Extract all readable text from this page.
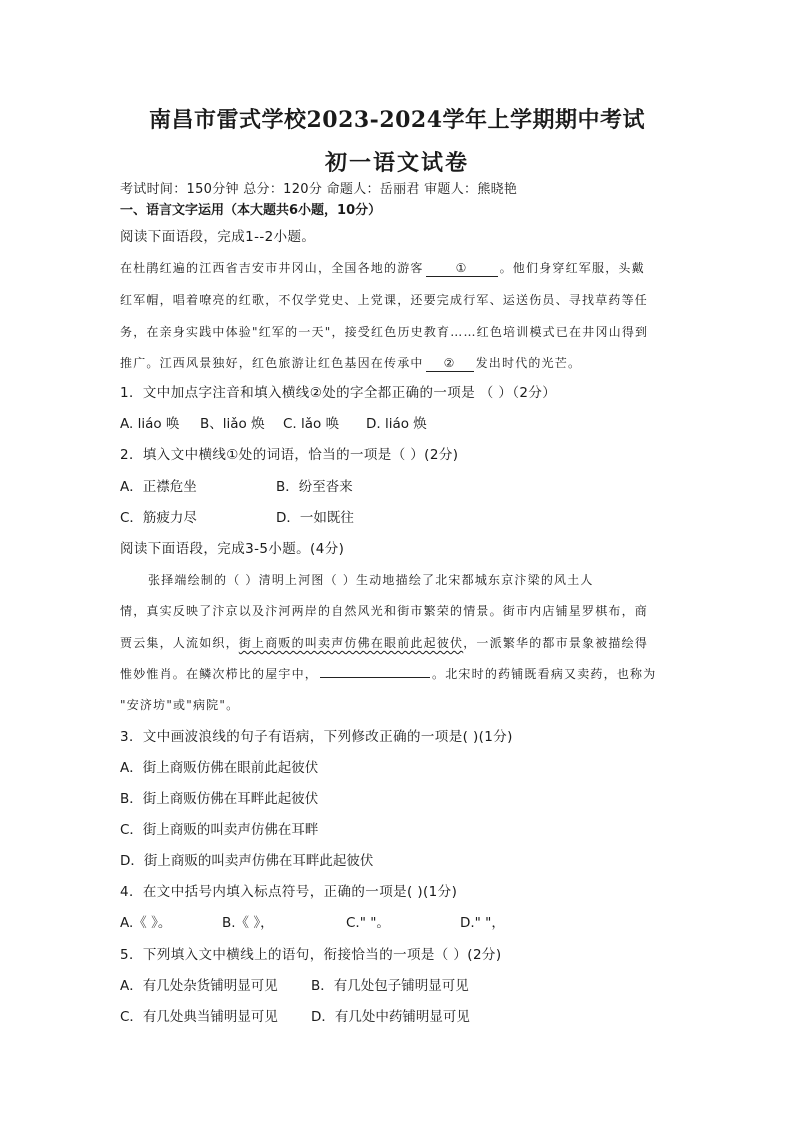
南昌市雷式学校2023-2024学年上学期期中考试
初一语文试卷
考试时间：150分钟 总分：120分 命题人：岳丽君 审题人：熊晓艳
一、语言文字运用（本大题共6小题，10分）
阅读下面语段，完成1--2小题。
在杜鹃红遍的江西省吉安市井冈山，全国各地的游客	①	。他们身穿红军服，头戴
红军帽，唱着嘹亮的红歌，不仅学党史、上党课，还要完成行军、运送伤员、寻找草药等任
务，在亲身实践中体验"红军的一天"，接受红色历史教育……红色培训模式已在井冈山得到
推广。江西风景独好，红色旅游让红色基因在传承中 ② 发出时代的光芒。
1．文中加点字注音和填入横线②处的字全都正确的一项是 （ ）（2分）
A. liáo 唤 B、liǎo 焕 C. lǎo 唤 D. liáo 焕
2．填入文中横线①处的词语，恰当的一项是（ ）(2分)
A．正襟危坐	B．纷至沓来
C．筋疲力尽	D．一如既往
阅读下面语段，完成3-5小题。(4分)
张择端绘制的（ ）清明上河图（ ）生动地描绘了北宋都城东京汴梁的风土人
情，真实反映了汴京以及汴河两岸的自然风光和街市繁荣的情景。街市内店铺星罗棋布，商
贾云集，人流如织，街上商贩的叫卖声仿佛在眼前此起彼伏，一派繁华的都市景象被描绘得
惟妙惟肖。在鳞次栉比的屋宇中，	。北宋时的药铺既看病又卖药，也称为
"安济坊"或"病院"。
3．文中画波浪线的句子有语病，下列修改正确的一项是( )(1分)
A．街上商贩仿佛在眼前此起彼伏
B．街上商贩仿佛在耳畔此起彼伏
C．街上商贩的叫卖声仿佛在耳畔
D．街上商贩的叫卖声仿佛在耳畔此起彼伏
4．在文中括号内填入标点符号，正确的一项是( )(1分)
A.《 》。	B.《 》，	C." "。	D." "，
5．下列填入文中横线上的语句，衔接恰当的一项是（ ）(2分)
A．有几处杂货铺明显可见 B．有几处包子铺明显可见
C．有几处典当铺明显可见 D．有几处中药铺明显可见
